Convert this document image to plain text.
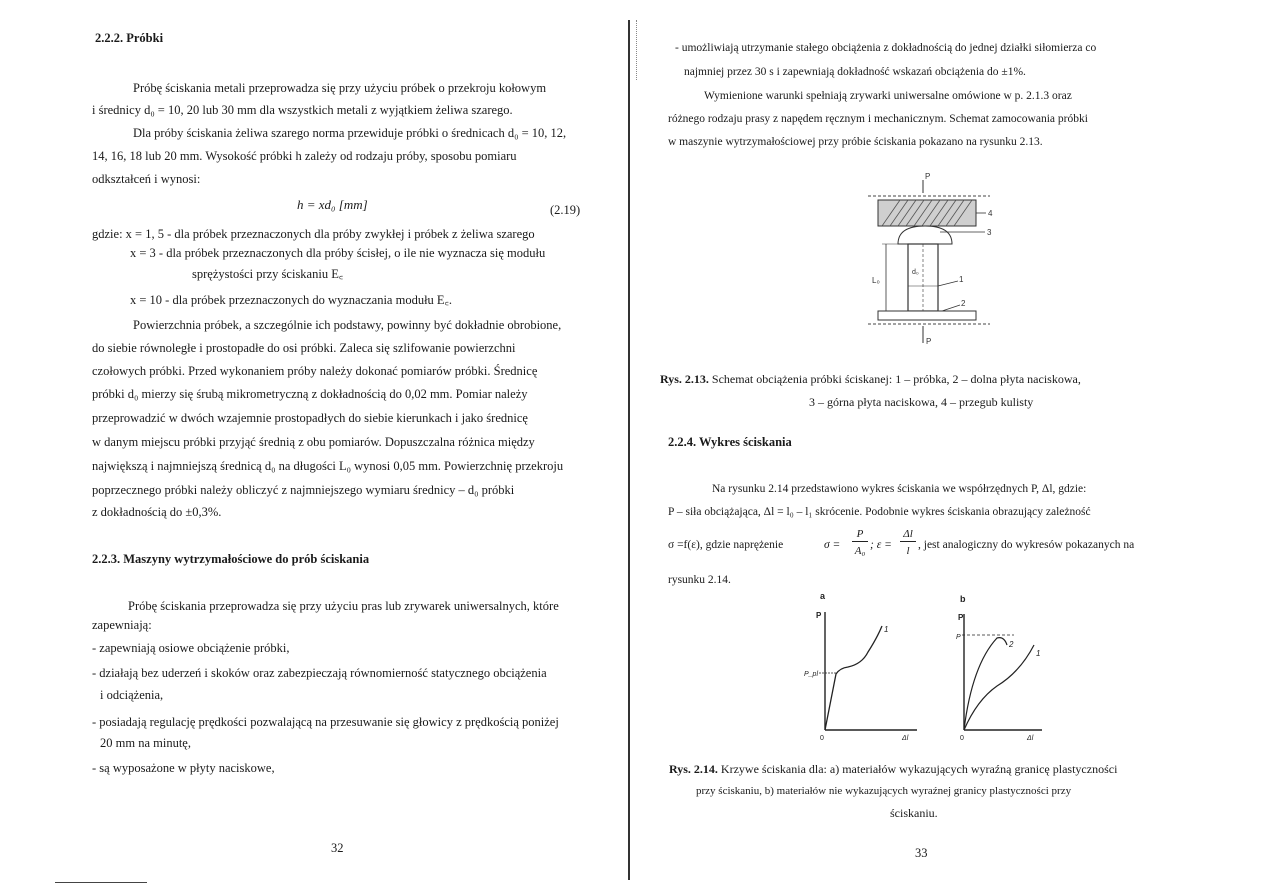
2.2.2. Próbki
Próbę ściskania metali przeprowadza się przy użyciu próbek o przekroju kołowym
i średnicy d₀ = 10, 20 lub 30 mm dla wszystkich metali z wyjątkiem żeliwa szarego.
Dla próby ściskania żeliwa szarego norma przewiduje próbki o średnicach d₀ = 10, 12,
14, 16, 18 lub 20 mm. Wysokość próbki h zależy od rodzaju próby, sposobu pomiaru
odkształceń i wynosi:
h = xd₀ [mm]	(2.19)
gdzie: x = 1, 5 - dla próbek przeznaczonych dla próby zwykłej i próbek z żeliwa szarego
x = 3 - dla próbek przeznaczonych dla próby ścisłej, o ile nie wyznacza się modułu
sprężystości przy ściskaniu E꜀
x = 10 - dla próbek przeznaczonych do wyznaczania modułu E꜀.
Powierzchnia próbek, a szczególnie ich podstawy, powinny być dokładnie obrobione,
do siebie równoległe i prostopadłe do osi próbki. Zaleca się szlifowanie powierzchni
czołowych próbki. Przed wykonaniem próby należy dokonać pomiarów próbki. Średnicę
próbki d₀ mierzy się śrubą mikrometryczną z dokładnością do 0,02 mm. Pomiar należy
przeprowadzić w dwóch wzajemnie prostopadłych do siebie kierunkach i jako średnicę
w danym miejscu próbki przyjąć średnią z obu pomiarów. Dopuszczalna różnica między
największą i najmniejszą średnicą d₀ na długości L₀ wynosi 0,05 mm. Powierzchnię przekroju
poprzecznego próbki należy obliczyć z najmniejszego wymiaru średnicy – d₀ próbki
z dokładnością do ±0,3%.
2.2.3. Maszyny wytrzymałościowe do prób ściskania
Próbę ściskania przeprowadza się przy użyciu pras lub zrywarek uniwersalnych, które
zapewniają:
- zapewniają osiowe obciążenie próbki,
- działają bez uderzeń i skoków oraz zabezpieczają równomierność statycznego obciążenia
i odciążenia,
- posiadają regulację prędkości pozwalającą na przesuwanie się głowicy z prędkością poniżej
20 mm na minutę,
- są wyposażone w płyty naciskowe,
32
- umożliwiają utrzymanie stałego obciążenia z dokładnością do jednej działki siłomierza co
najmniej przez 30 s i zapewniają dokładność wskazań obciążenia do ±1%.
Wymienione warunki spełniają zrywarki uniwersalne omówione w p. 2.1.3 oraz
różnego rodzaju prasy z napędem ręcznym i mechanicznym. Schemat zamocowania próbki
w maszynie wytrzymałościowej przy próbie ściskania pokazano na rysunku 2.13.
P
4
3
d₀
1
L₀
2
P
Rys. 2.13. Schemat obciążenia próbki ściskanej: 1 – próbka, 2 – dolna płyta naciskowa,
3 – górna płyta naciskowa, 4 – przegub kulisty
2.2.4. Wykres ściskania
Na rysunku 2.14 przedstawiono wykres ściskania we współrzędnych P, Δl, gdzie:
P – siła obciążająca, Δl = l₀ – l₁ skrócenie. Podobnie wykres ściskania obrazujący zależność
σ =f(ε), gdzie naprężenie	σ =
P
A₀ ; ε =
Δl
l , jest analogiczny do wykresów pokazanych na
rysunku 2.14.
a
P
0	Δl
P_pl
1
b
P
0	Δl
P
2
1
Rys. 2.14. Krzywe ściskania dla: a) materiałów wykazujących wyraźną granicę plastyczności
przy ściskaniu, b) materiałów nie wykazujących wyraźnej granicy plastyczności przy
ściskaniu.
33
